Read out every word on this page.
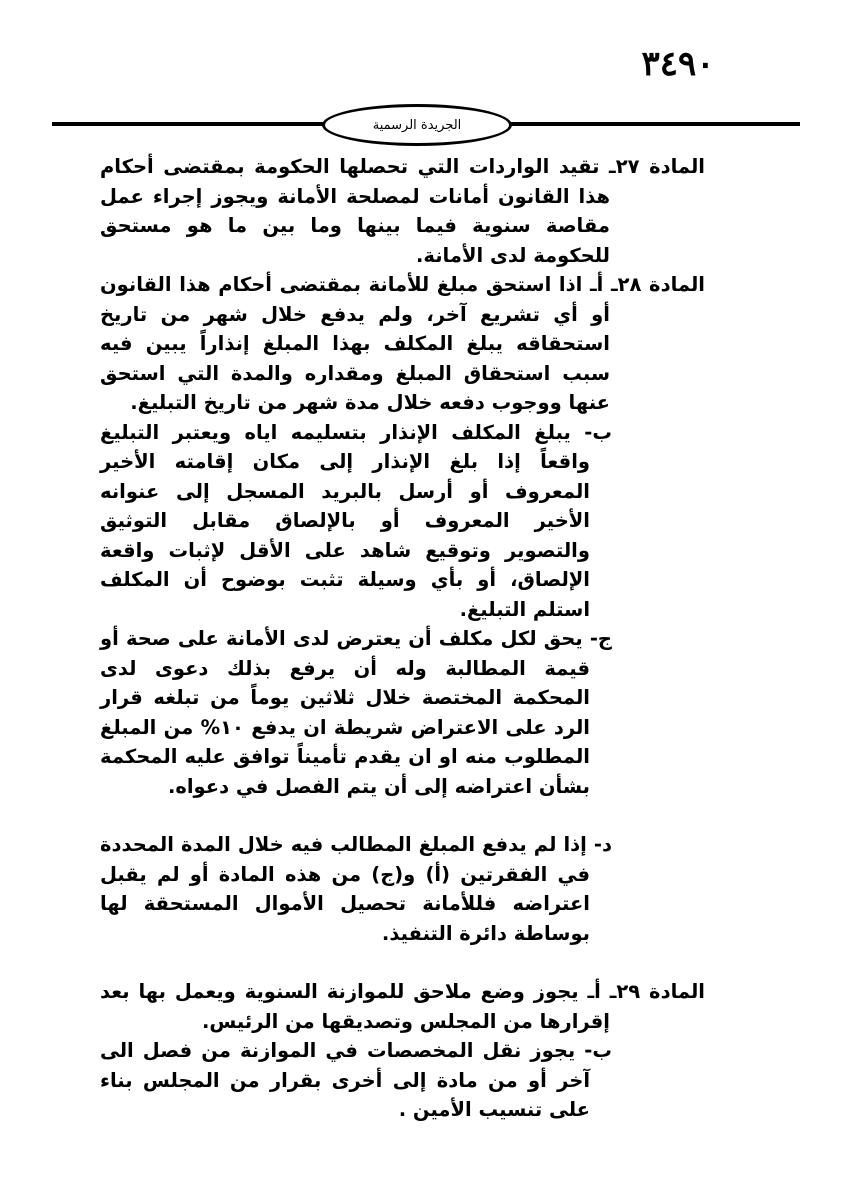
٣٤٩٠
الجريدة الرسمية

المادة ٢٧ـ تقيد الواردات التي تحصلها الحكومة بمقتضى أحكام هذا القانون أمانات لمصلحة الأمانة ويجوز إجراء عمل مقاصة سنوية فيما بينها وما بين ما هو مستحق للحكومة لدى الأمانة.

المادة ٢٨ـ أـ اذا استحق مبلغ للأمانة بمقتضى أحكام هذا القانون أو أي تشريع آخر، ولم يدفع خلال شهر من تاريخ استحقاقه يبلغ المكلف بهذا المبلغ إنذاراً يبين فيه سبب استحقاق المبلغ ومقداره والمدة التي استحق عنها ووجوب دفعه خلال مدة شهر من تاريخ التبليغ.

ب- يبلغ المكلف الإنذار بتسليمه اياه ويعتبر التبليغ واقعاً إذا بلغ الإنذار إلى مكان إقامته الأخير المعروف أو أرسل بالبريد المسجل إلى عنوانه الأخير المعروف أو بالإلصاق مقابل التوثيق والتصوير وتوقيع شاهد على الأقل لإثبات واقعة الإلصاق، أو بأي وسيلة تثبت بوضوح أن المكلف استلم التبليغ.

ج- يحق لكل مكلف أن يعترض لدى الأمانة على صحة أو قيمة المطالبة وله أن يرفع بذلك دعوى لدى المحكمة المختصة خلال ثلاثين يوماً من تبلغه قرار الرد على الاعتراض شريطة ان يدفع ١٠% من المبلغ المطلوب منه او ان يقدم تأميناً توافق عليه المحكمة بشأن اعتراضه إلى أن يتم الفصل في دعواه.

د- إذا لم يدفع المبلغ المطالب فيه خلال المدة المحددة في الفقرتين (أ) و(ج) من هذه المادة أو لم يقبل اعتراضه فللأمانة تحصيل الأموال المستحقة لها بوساطة دائرة التنفيذ.

المادة ٢٩ـ أـ يجوز وضع ملاحق للموازنة السنوية ويعمل بها بعد إقرارها من المجلس وتصديقها من الرئيس.

ب- يجوز نقل المخصصات في الموازنة من فصل الى آخر أو من مادة إلى أخرى بقرار من المجلس بناء على تنسيب الأمين .
